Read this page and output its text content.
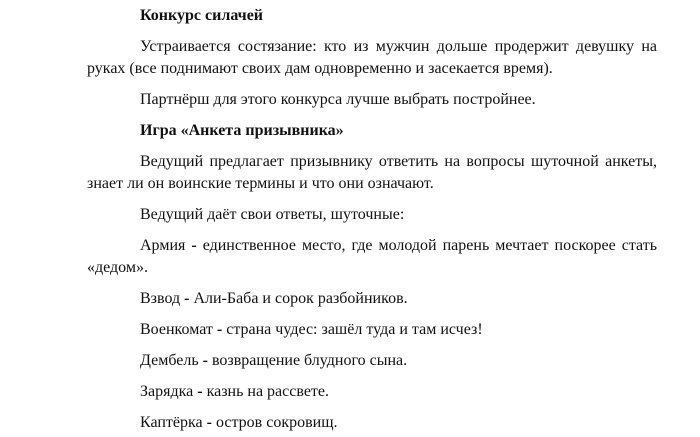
Конкурс силачей

Устраивается состязание: кто из мужчин дольше продержит девушку на руках (все поднимают своих дам одновременно и засекается время).

Партнёрш для этого конкурса лучше выбрать постройнее.

Игра «Анкета призывника»

Ведущий предлагает призывнику ответить на вопросы шуточной анкеты, знает ли он воинские термины и что они означают.

Ведущий даёт свои ответы, шуточные:

Армия - единственное место, где молодой парень мечтает поскорее стать «дедом».

Взвод - Али-Баба и сорок разбойников.

Военкомат - страна чудес: зашёл туда и там исчез!

Дембель - возвращение блудного сына.

Зарядка - казнь на рассвете.

Каптёрка - остров сокровищ.
